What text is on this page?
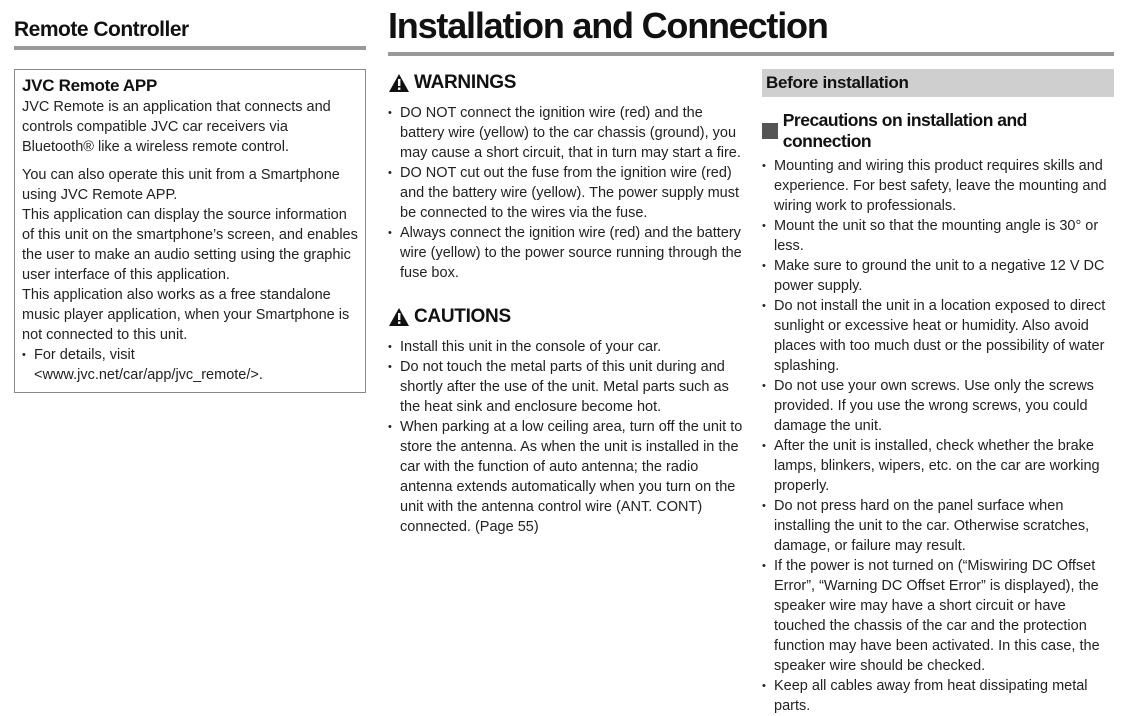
Remote Controller
JVC Remote APP

JVC Remote is an application that connects and controls compatible JVC car receivers via Bluetooth® like a wireless remote control.

You can also operate this unit from a Smartphone using JVC Remote APP.

This application can display the source information of this unit on the smartphone’s screen, and enables the user to make an audio setting using the graphic user interface of this application.

This application also works as a free standalone music player application, when your Smartphone is not connected to this unit.

• For details, visit <www.jvc.net/car/app/jvc_remote/>.
Installation and Connection
WARNINGS
• DO NOT connect the ignition wire (red) and the battery wire (yellow) to the car chassis (ground), you may cause a short circuit, that in turn may start a fire.
• DO NOT cut out the fuse from the ignition wire (red) and the battery wire (yellow). The power supply must be connected to the wires via the fuse.
• Always connect the ignition wire (red) and the battery wire (yellow) to the power source running through the fuse box.
CAUTIONS
• Install this unit in the console of your car.
• Do not touch the metal parts of this unit during and shortly after the use of the unit. Metal parts such as the heat sink and enclosure become hot.
• When parking at a low ceiling area, turn off the unit to store the antenna. As when the unit is installed in the car with the function of auto antenna; the radio antenna extends automatically when you turn on the unit with the antenna control wire (ANT. CONT) connected. (Page 55)
Before installation
Precautions on installation and connection
• Mounting and wiring this product requires skills and experience. For best safety, leave the mounting and wiring work to professionals.
• Mount the unit so that the mounting angle is 30° or less.
• Make sure to ground the unit to a negative 12 V DC power supply.
• Do not install the unit in a location exposed to direct sunlight or excessive heat or humidity. Also avoid places with too much dust or the possibility of water splashing.
• Do not use your own screws. Use only the screws provided. If you use the wrong screws, you could damage the unit.
• After the unit is installed, check whether the brake lamps, blinkers, wipers, etc. on the car are working properly.
• Do not press hard on the panel surface when installing the unit to the car. Otherwise scratches, damage, or failure may result.
• If the power is not turned on (“Miswiring DC Offset Error”, “Warning DC Offset Error” is displayed), the speaker wire may have a short circuit or have touched the chassis of the car and the protection function may have been activated. In this case, the speaker wire should be checked.
• Keep all cables away from heat dissipating metal parts.
